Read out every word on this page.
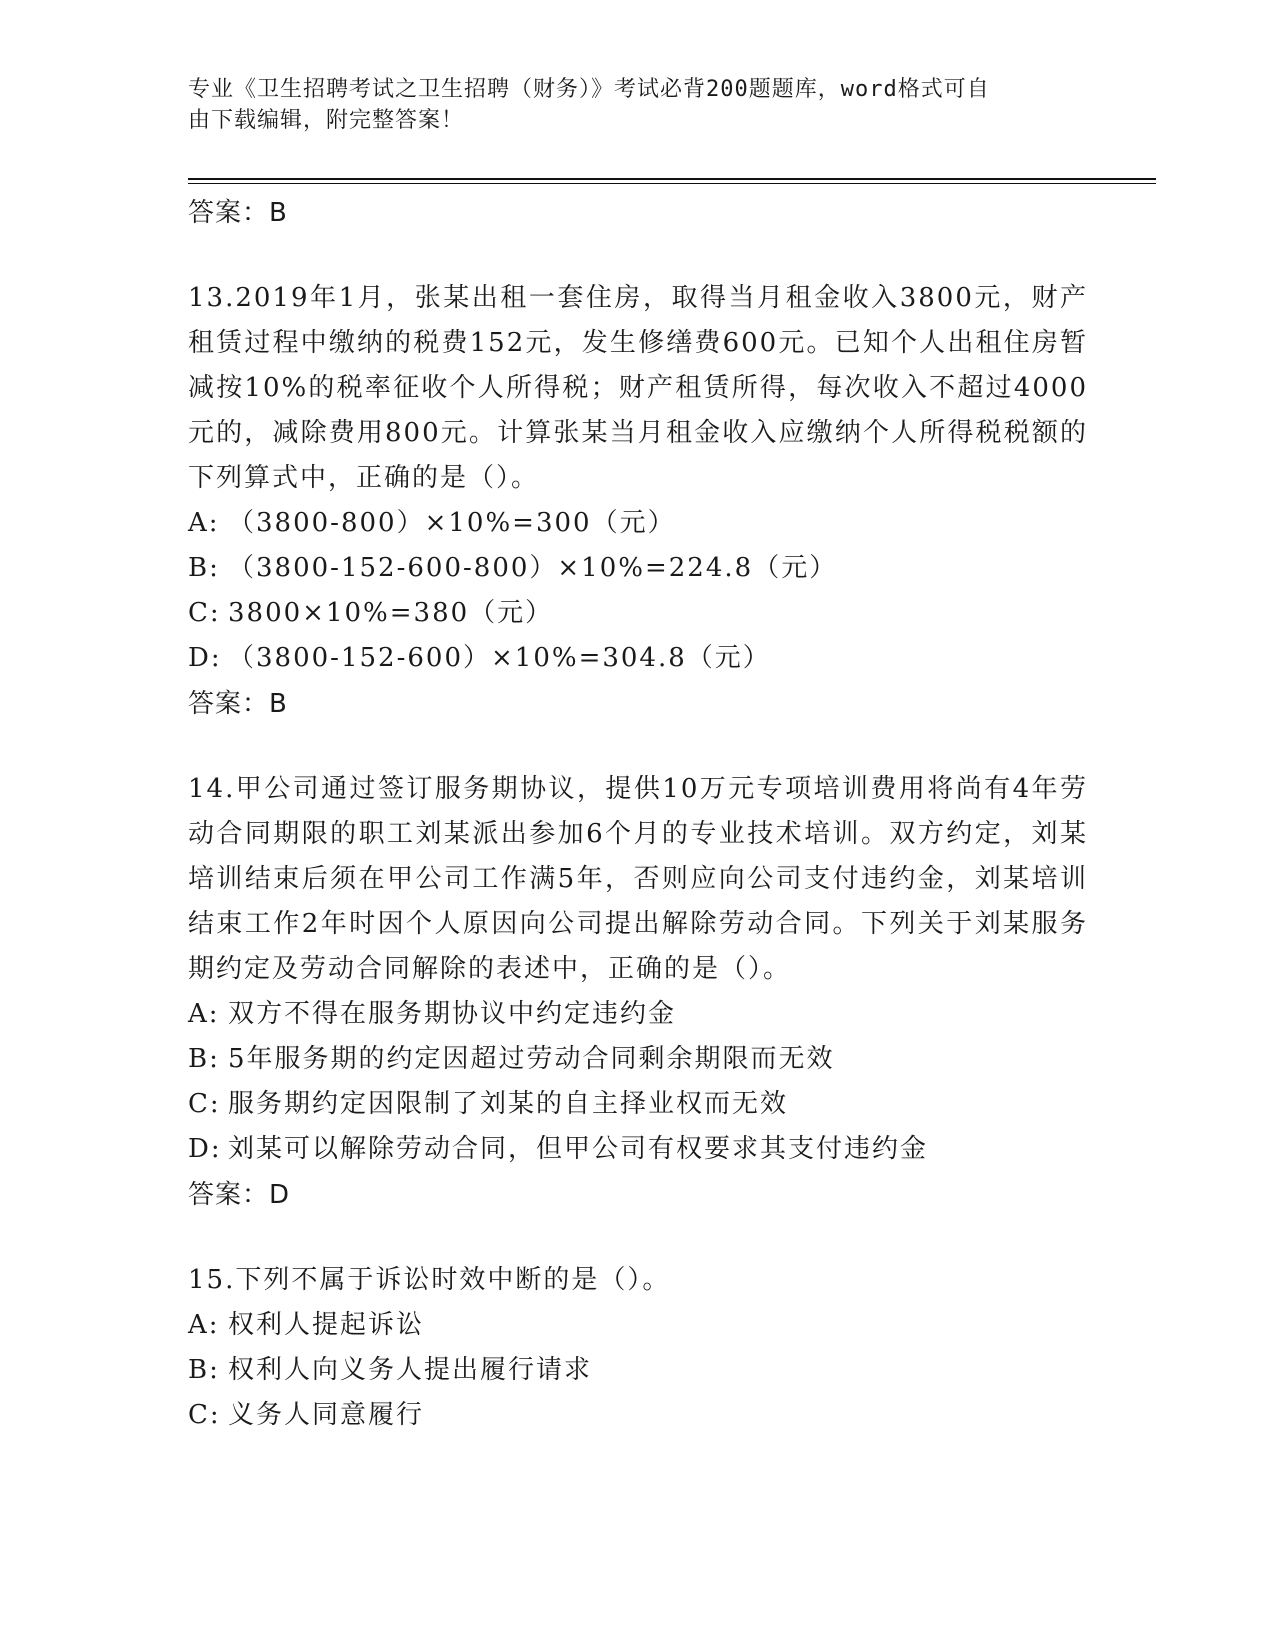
专业《卫生招聘考试之卫生招聘（财务）》考试必背200题题库，word格式可自
由下载编辑，附完整答案！
答案：B
13.2019年1月，张某出租一套住房，取得当月租金收入3800元，财产租赁过程中缴纳的税费152元，发生修缮费600元。已知个人出租住房暂减按10%的税率征收个人所得税；财产租赁所得，每次收入不超过4000元的，减除费用800元。计算张某当月租金收入应缴纳个人所得税税额的下列算式中，正确的是（）。
A: （3800-800）×10%=300（元）
B: （3800-152-600-800）×10%=224.8（元）
C: 3800×10%=380（元）
D: （3800-152-600）×10%=304.8（元）
答案：B
14.甲公司通过签订服务期协议，提供10万元专项培训费用将尚有4年劳动合同期限的职工刘某派出参加6个月的专业技术培训。双方约定，刘某培训结束后须在甲公司工作满5年，否则应向公司支付违约金，刘某培训结束工作2年时因个人原因向公司提出解除劳动合同。下列关于刘某服务期约定及劳动合同解除的表述中，正确的是（）。
A: 双方不得在服务期协议中约定违约金
B: 5年服务期的约定因超过劳动合同剩余期限而无效
C: 服务期约定因限制了刘某的自主择业权而无效
D: 刘某可以解除劳动合同，但甲公司有权要求其支付违约金
答案：D
15.下列不属于诉讼时效中断的是（）。
A: 权利人提起诉讼
B: 权利人向义务人提出履行请求
C: 义务人同意履行
